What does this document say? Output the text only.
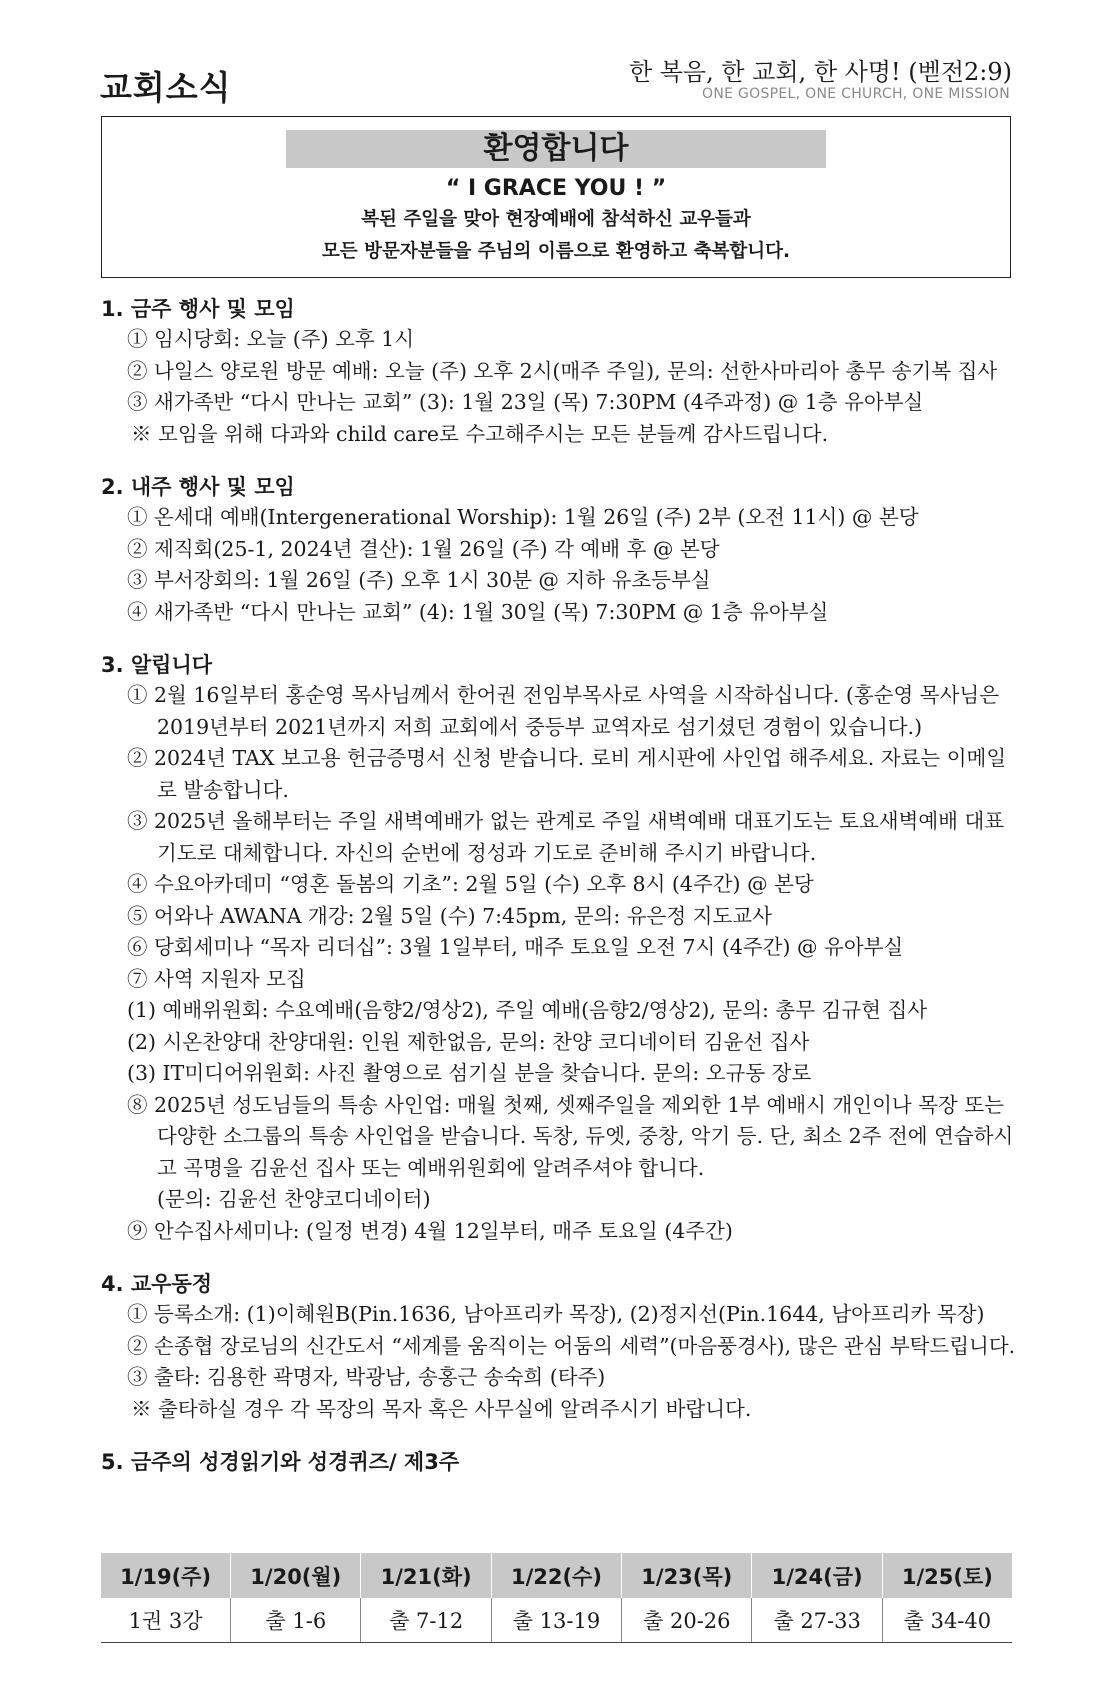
교회소식	한 복음, 한 교회, 한 사명! (벧전2:9)
ONE GOSPEL, ONE CHURCH, ONE MISSION
환영합니다
“ I GRACE YOU ! ”
복된 주일을 맞아 현장예배에 참석하신 교우들과
모든 방문자분들을 주님의 이름으로 환영하고 축복합니다.
1. 금주 행사 및 모임
① 임시당회: 오늘 (주) 오후 1시
② 나일스 양로원 방문 예배: 오늘 (주) 오후 2시(매주 주일), 문의: 선한사마리아 총무 송기복 집사
③ 새가족반 “다시 만나는 교회” (3): 1월 23일 (목) 7:30PM (4주과정) @ 1층 유아부실
※ 모임을 위해 다과와 child care로 수고해주시는 모든 분들께 감사드립니다.
2. 내주 행사 및 모임
① 온세대 예배(Intergenerational Worship): 1월 26일 (주) 2부 (오전 11시) @ 본당
② 제직회(25-1, 2024년 결산): 1월 26일 (주) 각 예배 후 @ 본당
③ 부서장회의: 1월 26일 (주) 오후 1시 30분 @ 지하 유초등부실
④ 새가족반 “다시 만나는 교회” (4): 1월 30일 (목) 7:30PM @ 1층 유아부실
3. 알립니다
① 2월 16일부터 홍순영 목사님께서 한어권 전임부목사로 사역을 시작하십니다. (홍순영 목사님은 2019년부터 2021년까지 저희 교회에서 중등부 교역자로 섬기셨던 경험이 있습니다.)
② 2024년 TAX 보고용 헌금증명서 신청 받습니다. 로비 게시판에 사인업 해주세요. 자료는 이메일로 발송합니다.
③ 2025년 올해부터는 주일 새벽예배가 없는 관계로 주일 새벽예배 대표기도는 토요새벽예배 대표기도로 대체합니다. 자신의 순번에 정성과 기도로 준비해 주시기 바랍니다.
④ 수요아카데미 “영혼 돌봄의 기초”: 2월 5일 (수) 오후 8시 (4주간) @ 본당
⑤ 어와나 AWANA 개강: 2월 5일 (수) 7:45pm, 문의: 유은정 지도교사
⑥ 당회세미나 “목자 리더십”: 3월 1일부터, 매주 토요일 오전 7시 (4주간) @ 유아부실
⑦ 사역 지원자 모집
(1) 예배위원회: 수요예배(음향2/영상2), 주일 예배(음향2/영상2), 문의: 총무 김규현 집사
(2) 시온찬양대 찬양대원: 인원 제한없음, 문의: 찬양 코디네이터 김윤선 집사
(3) IT미디어위원회: 사진 촬영으로 섬기실 분을 찾습니다. 문의: 오규동 장로
⑧ 2025년 성도님들의 특송 사인업: 매월 첫째, 셋째주일을 제외한 1부 예배시 개인이나 목장 또는 다양한 소그룹의 특송 사인업을 받습니다. 독창, 듀엣, 중창, 악기 등. 단, 최소 2주 전에 연습하시고 곡명을 김윤선 집사 또는 예배위원회에 알려주셔야 합니다.
(문의: 김윤선 찬양코디네이터)
⑨ 안수집사세미나: (일정 변경) 4월 12일부터, 매주 토요일 (4주간)
4. 교우동정
① 등록소개: (1)이혜원B(Pin.1636, 남아프리카 목장), (2)정지선(Pin.1644, 남아프리카 목장)
② 손종협 장로님의 신간도서 “세계를 움직이는 어둠의 세력”(마음풍경사), 많은 관심 부탁드립니다.
③ 출타: 김용한 곽명자, 박광남, 송홍근 송숙희 (타주)
※ 출타하실 경우 각 목장의 목자 혹은 사무실에 알려주시기 바랍니다.
5. 금주의 성경읽기와 성경퀴즈/ 제3주
1/19(주)	1/20(월)	1/21(화)	1/22(수)	1/23(목)	1/24(금)	1/25(토)
1권 3강	출 1-6	출 7-12	출 13-19	출 20-26	출 27-33	출 34-40
